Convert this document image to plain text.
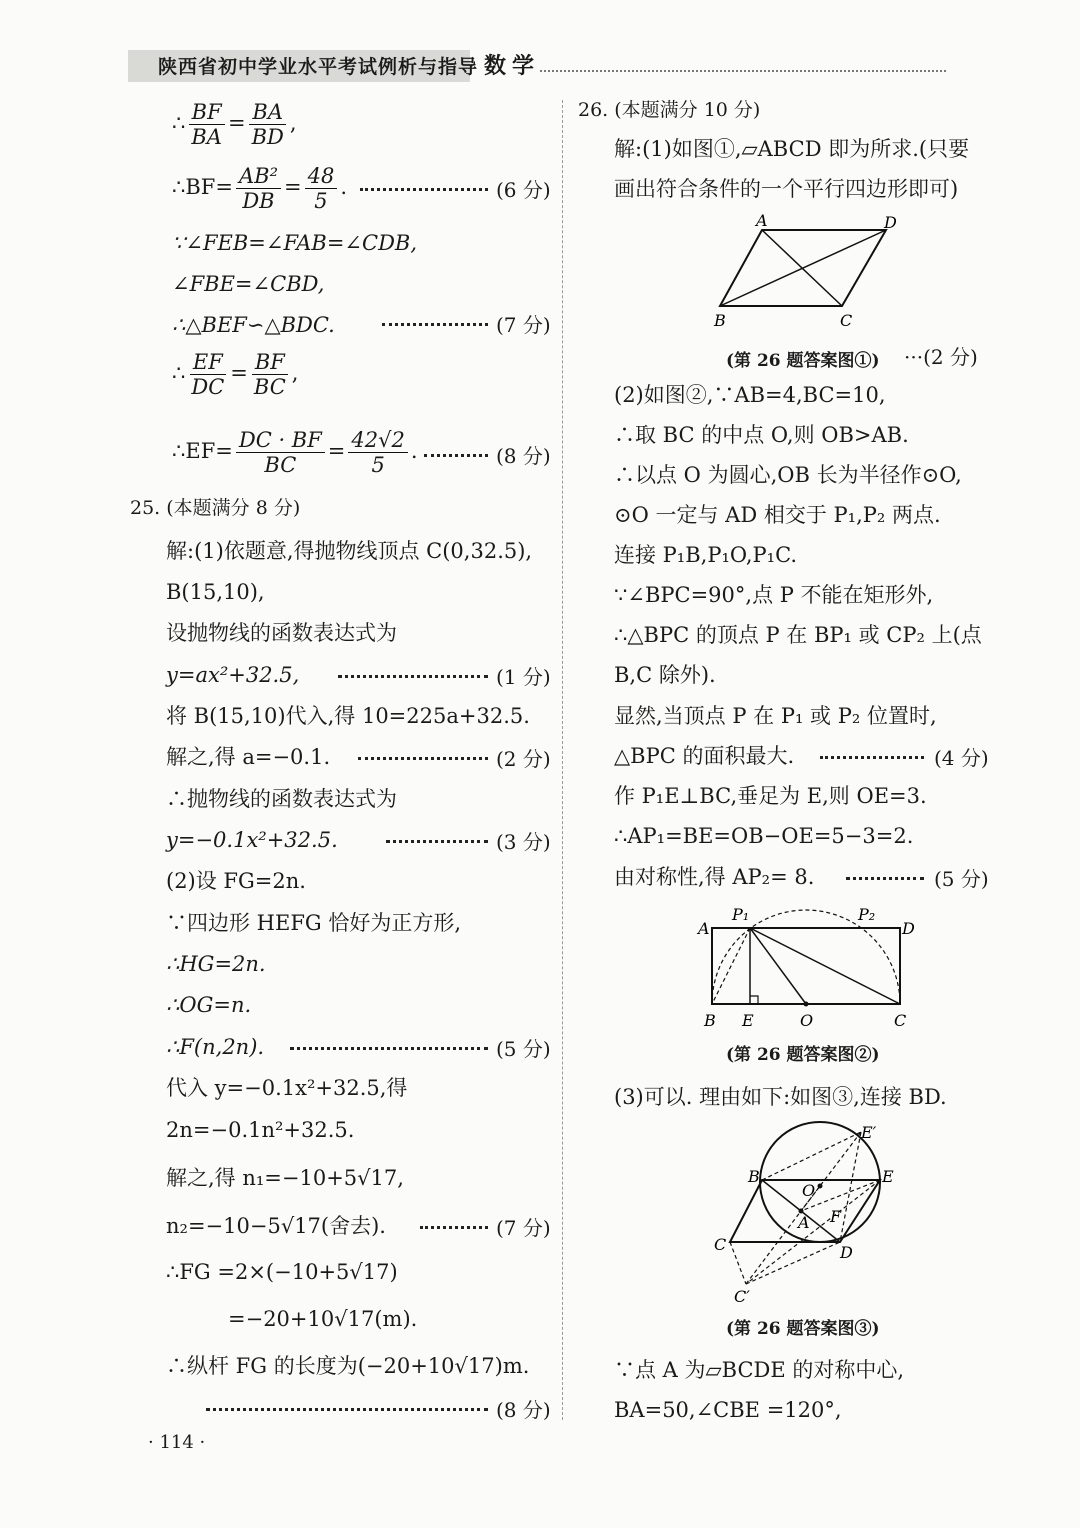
陕西省初中学业水平考试例析与指导 数学
∴ $\frac{BF}{BA} = \frac{BA}{BD}$ ,
∴BF= $\frac{\text{AB²}}{DB} = \frac{48}{5}$ .	(6 分)
∵∠FEB=∠FAB=∠CDB,
∠FBE=∠CBD,
∴△BEF∽△BDC.	(7 分)
∴ $\frac{EF}{DC} = \frac{BF}{BC}$ ,
∴EF= $\frac{DC \cdot BF}{BC} = \frac{42√2}{5}$ .	(8 分)
25. (本题满分 8 分)
解:(1)依题意,得抛物线顶点 C(0,32.5),
B(15,10),
设抛物线的函数表达式为
y=ax²+32.5,	(1 分)
将 B(15,10)代入,得 10=225a+32.5.
解之,得 a=−0.1.	(2 分)
∴抛物线的函数表达式为
y=−0.1x²+32.5.	(3 分)
(2)设 FG=2n.
∵四边形 HEFG 恰好为正方形,
∴HG=2n.
∴OG=n.
∴F(n,2n).	(5 分)
代入 y=−0.1x²+32.5,得
2n=−0.1n²+32.5.
解之,得 n₁=−10+5√17,
n₂=−10−5√17(舍去).	(7 分)
∴FG =2×(−10+5√17)
=−20+10√17(m).
∴纵杆 FG 的长度为(−20+10√17)m.
(8 分)
· 114 ·
26. (本题满分 10 分)
解:(1)如图①,▱ABCD 即为所求.(只要
画出符合条件的一个平行四边形即可)
A	D
B	C
(第 26 题答案图①) ···(2 分)
(2)如图②,∵AB=4,BC=10,
∴取 BC 的中点 O,则 OB>AB.
∴以点 O 为圆心,OB 长为半径作⊙O,
⊙O 一定与 AD 相交于 P₁,P₂ 两点.
连接 P₁B,P₁O,P₁C.
∵∠BPC=90°,点 P 不能在矩形外,
∴△BPC 的顶点 P 在 BP₁ 或 CP₂ 上(点
B,C 除外).
显然,当顶点 P 在 P₁ 或 P₂ 位置时,
△BPC 的面积最大.	(4 分)
作 P₁E⊥BC,垂足为 E,则 OE=3.
∴AP₁=BE=OB−OE=5−3=2.
由对称性,得 AP₂= 8.	(5 分)
A
P₁	P₂
D
B E	O	C
(第 26 题答案图②)
(3)可以. 理由如下:如图③,连接 BD.
E′
B	E
O
A F
C	D
C′
(第 26 题答案图③)
∵点 A 为▱BCDE 的对称中心,
BA=50,∠CBE =120°,
